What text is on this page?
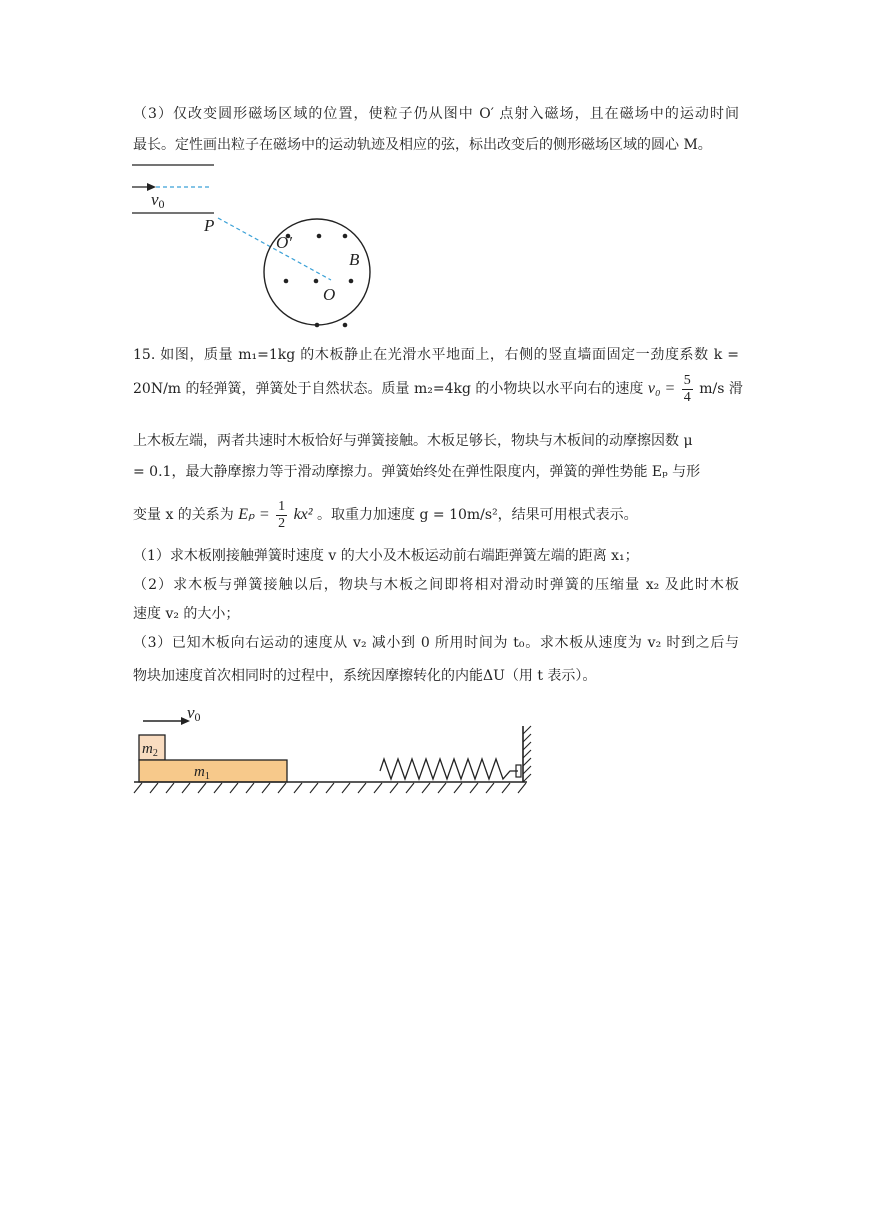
（3）仅改变圆形磁场区域的位置，使粒子仍从图中 O′ 点射入磁场，且在磁场中的运动时间
最长。定性画出粒子在磁场中的运动轨迹及相应的弦，标出改变后的侧形磁场区域的圆心 M。
v0
P
O′
B
O
15. 如图，质量 m₁=1kg 的木板静止在光滑水平地面上，右侧的竖直墙面固定一劲度系数 k =
20N/m 的轻弹簧，弹簧处于自然状态。质量 m₂=4kg 的小物块以水平向右的速度 $v_0 = \frac{5}{4} m/s$ 滑
上木板左端，两者共速时木板恰好与弹簧接触。木板足够长，物块与木板间的动摩擦因数 μ
= 0.1，最大静摩擦力等于滑动摩擦力。弹簧始终处在弹性限度内，弹簧的弹性势能 Eₚ 与形
变量 x 的关系为 $E_p = \frac{1}{2} kx^2$ 。取重力加速度 g = 10m/s²，结果可用根式表示。
（1）求木板刚接触弹簧时速度 v 的大小及木板运动前右端距弹簧左端的距离 x₁；
（2）求木板与弹簧接触以后，物块与木板之间即将相对滑动时弹簧的压缩量 x₂ 及此时木板
速度 v₂ 的大小；
（3）已知木板向右运动的速度从 v₂ 减小到 0 所用时间为 t₀。求木板从速度为 v₂ 时到之后与
物块加速度首次相同时的过程中，系统因摩擦转化的内能ΔU（用 t 表示）。
v0
$m_2$
$m_1$
